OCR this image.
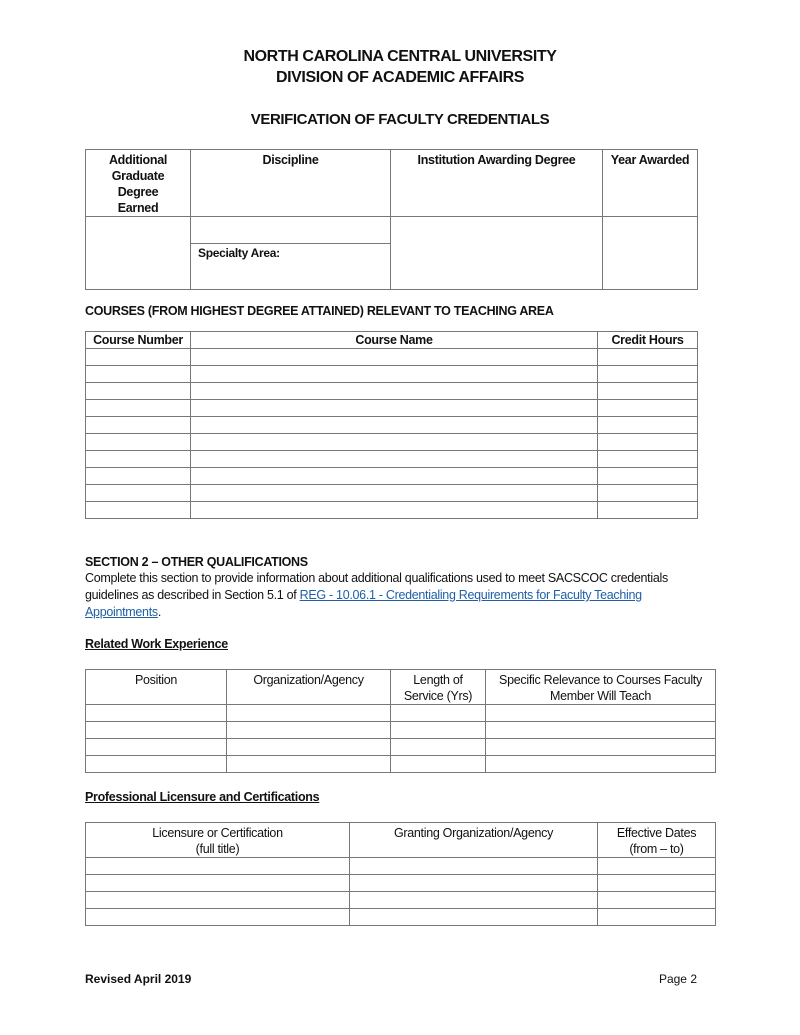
NORTH CAROLINA CENTRAL UNIVERSITY
DIVISION OF ACADEMIC AFFAIRS
VERIFICATION OF FACULTY CREDENTIALS
Additional Graduate Degree Earned	Discipline	Institution Awarding Degree	Year Awarded

	Specialty Area:		
COURSES (FROM HIGHEST DEGREE ATTAINED) RELEVANT TO TEACHING AREA
Course Number	Course Name	Credit Hours

SECTION 2 – OTHER QUALIFICATIONS
Complete this section to provide information about additional qualifications used to meet SACSCOC credentials guidelines as described in Section 5.1 of REG - 10.06.1 - Credentialing Requirements for Faculty Teaching Appointments.
Related Work Experience
Position	Organization/Agency	Length of Service (Yrs)	Specific Relevance to Courses Faculty Member Will Teach

Professional Licensure and Certifications
Licensure or Certification (full title)	Granting Organization/Agency	Effective Dates (from – to)

Revised April 2019	Page 2
